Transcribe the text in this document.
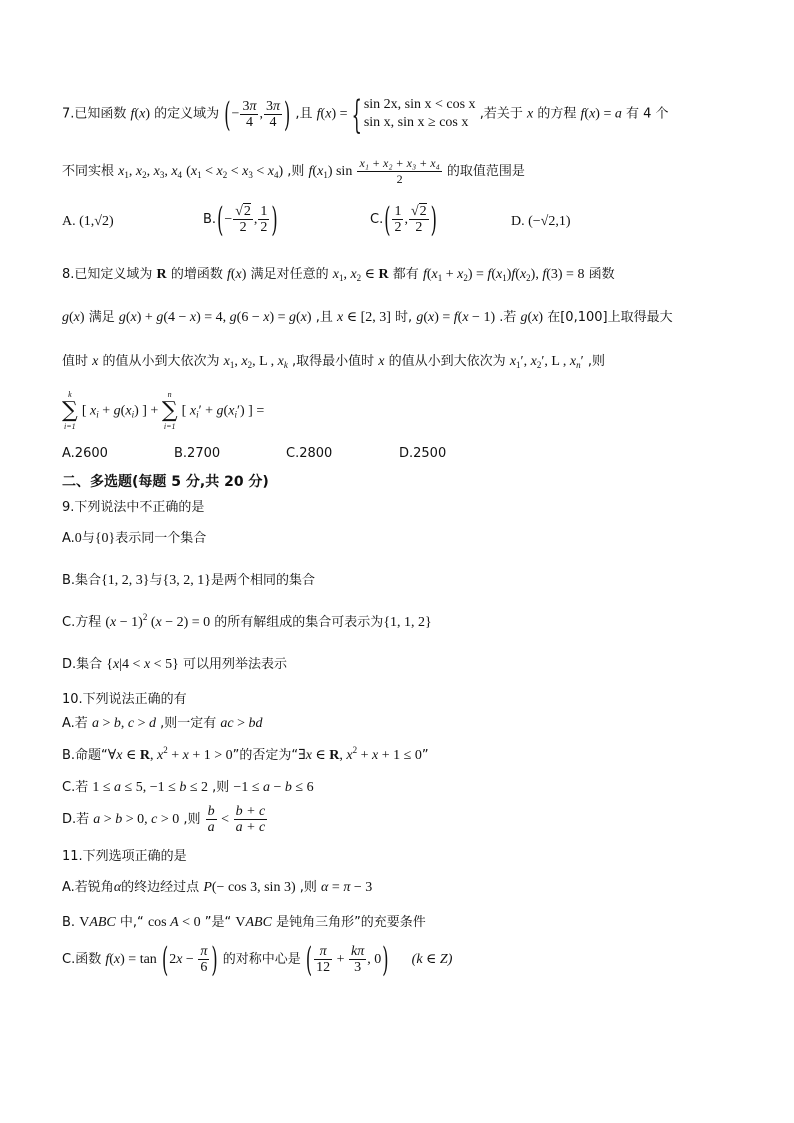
7.已知函数 f(x) 的定义域为 (− $\frac{3\pi}{4}$ , $\frac{3\pi}{4}$ ) ,且 f(x) = { sin 2x, sin x < cos x
sin x, sin x ≥ cos x
,若关于 x 的方程 f(x) = a 有 4 个
不同实根 $x_1$, $x_2$, $x_3$, $x_4$ $(x_1 < x_2 < x_3 < x_4)$ ,则 $f(x_1)$ $\sin \frac{\text{x₁ + x₂ + x₃ + x₄}}{2}$ 的取值范围是
A. (1,√2)	$B.(- \frac{√2}{2}$ , $\frac{1}{2}$ )	$C.( \frac{1}{2}$ , $\frac{√2}{2}$ )	D. (−√2,1)
8.已知定义域为 R 的增函数 f(x) 满足对任意的 $x_1$, $x_2$ ∈ R 都有 $f(x_1 + x_2) = f(x_1)f(x_2)$, f(3) = 8 函数
g(x) 满足 g(x) + g(4 − x) = 4, g(6 − x) = g(x) ,且 x ∈ [2, 3] 时, g(x) = f(x − 1) .若 g(x) 在[0,100]上取得最大
值时 x 的值从小到大依次为 $x_1$, $x_2$, L , $x_k$ ,取得最小值时 x 的值从小到大依次为 $x_1'$, $x_2'$, L , $x_n'$ ,则
k
∑
i=1
[ $x_i + g(x_i)$ ] +
n
∑
i=1
[ $x_i' + g(x_i')$ ] =
A.2600	B.2700	C.2800	D.2500
二、多选题(每题 5 分,共 20 分)
9.下列说法中不正确的是
A.0与{0}表示同一个集合
B.集合{1, 2, 3}与{3, 2, 1}是两个相同的集合
C.方程 $(x - 1)^2$ (x − 2) = 0 的所有解组成的集合可表示为{1, 1, 2}
D.集合 {x|4 < x < 5} 可以用列举法表示
10.下列说法正确的有
A.若 a > b, c > d ,则一定有 ac > bd
B.命题“∀x ∈ R, $x^2 + x + 1 > 0$”的否定为“∃x ∈ R, $x^2 + x + 1 \le 0$”
C.若 1 ≤ a ≤ 5, −1 ≤ b ≤ 2 ,则 −1 ≤ a − b ≤ 6
D.若 a > b > 0, c > 0 ,则 $\frac{b}{a} < \frac{b + c}{a + c}$
11.下列选项正确的是
A.若锐角α的终边经过点 P(− cos 3, sin 3) ,则 α = π − 3
B. VABC 中,“ cos A < 0 ”是“ VABC 是钝角三角形”的充要条件
C.函数 $f(x) = \tan (2x - \frac{\pi}{6}$ ) 的对称中心是 ( $\frac{\pi}{12} + \frac{k\pi}{3}$ , 0) (k ∈ Z)
